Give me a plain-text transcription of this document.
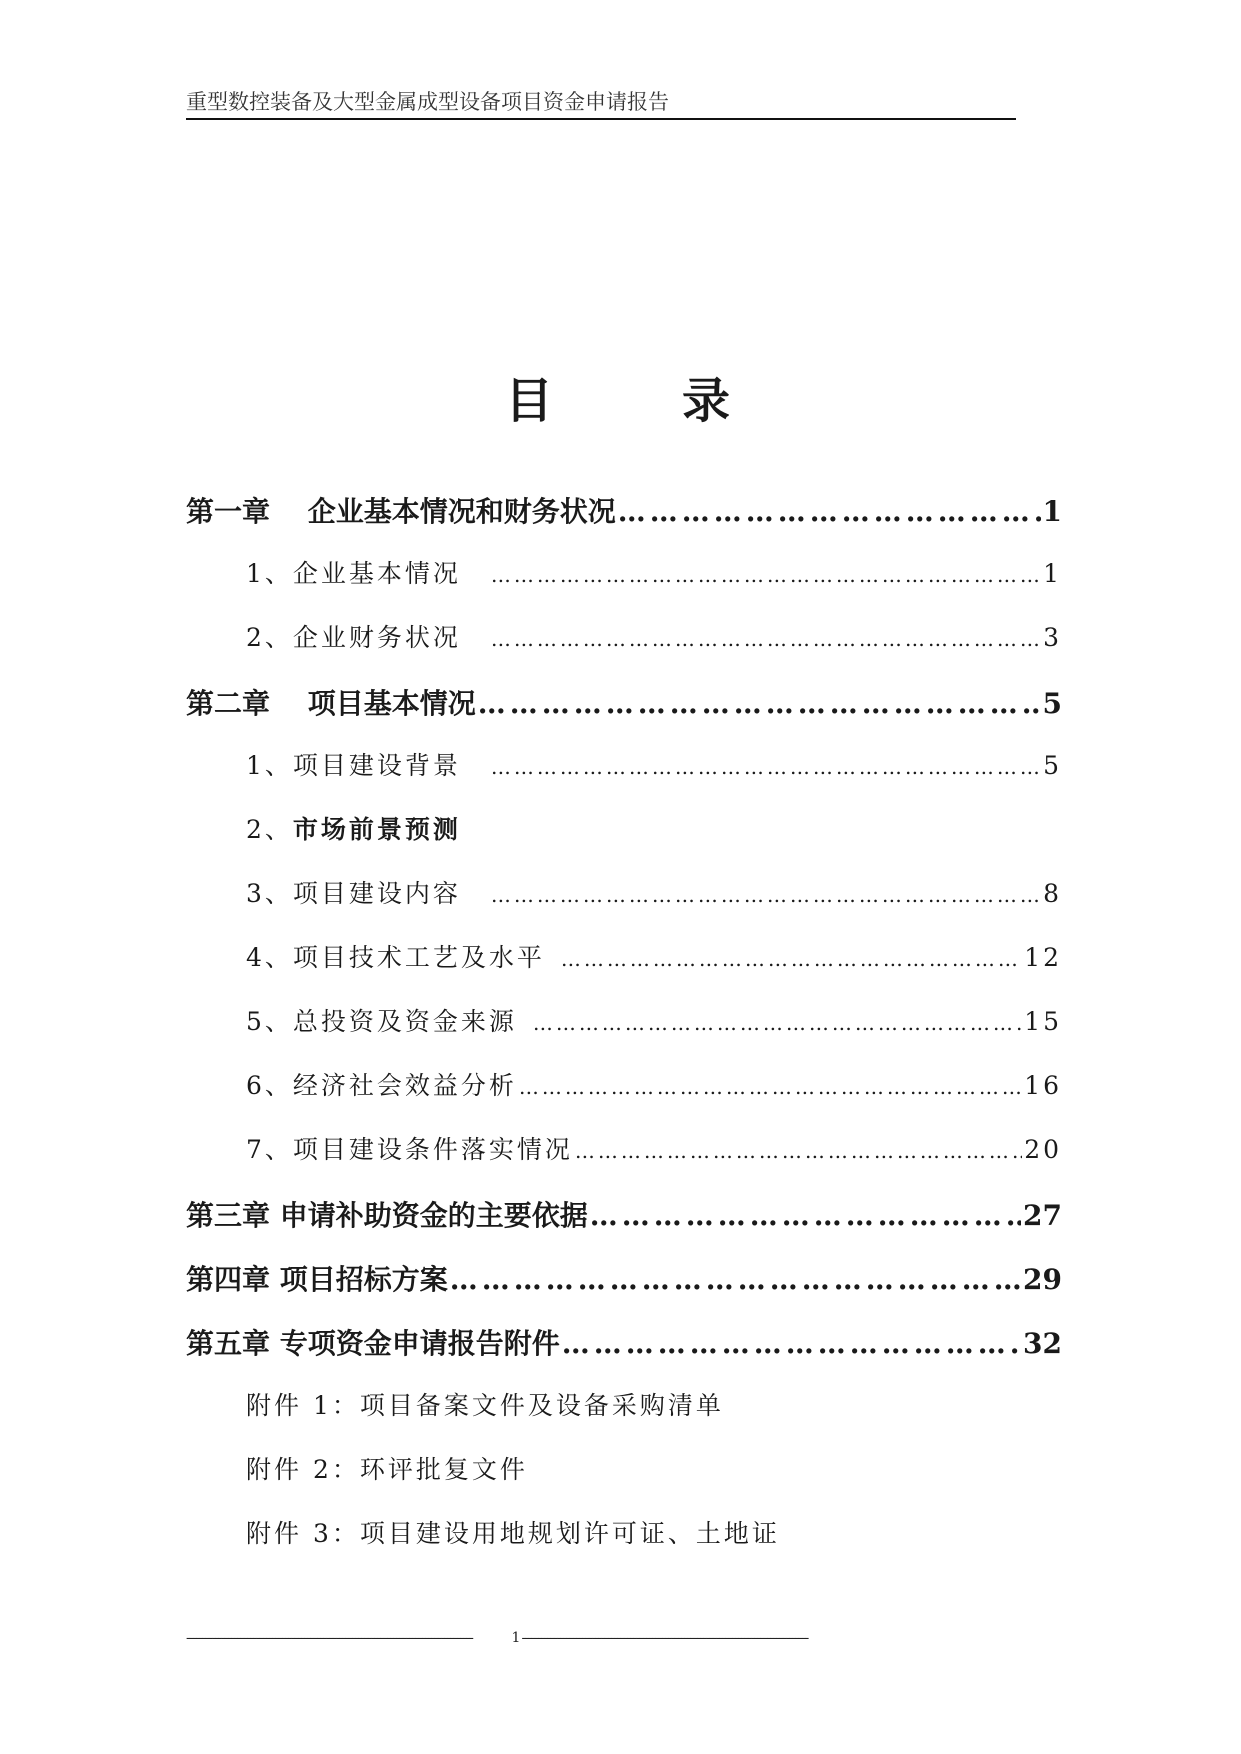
重型数控装备及大型金属成型设备项目资金申请报告
目	录
第一章　 企业基本情况和财务状况 ……………………………………………………………………………………………………………………………………………………………………………	1
1、企业基本情况 ……………………………………………………………………………………………………………………………………………………………………………	1
2、企业财务状况 ……………………………………………………………………………………………………………………………………………………………………………	3
第二章　 项目基本情况 ……………………………………………………………………………………………………………………………………………………………………………	5
1、项目建设背景 ……………………………………………………………………………………………………………………………………………………………………………	5
2、市场前景预测
3、项目建设内容 ……………………………………………………………………………………………………………………………………………………………………………	8
4、项目技术工艺及水平 ……………………………………………………………………………………………………………………………………………………………………………	12
5、总投资及资金来源 ……………………………………………………………………………………………………………………………………………………………………………	15
6、经济社会效益分析 ……………………………………………………………………………………………………………………………………………………………………………	16
7、项目建设条件落实情况 ……………………………………………………………………………………………………………………………………………………………………………	20
第三章 申请补助资金的主要依据 ……………………………………………………………………………………………………………………………………………………………………………	27
第四章 项目招标方案 ……………………………………………………………………………………………………………………………………………………………………………	29
第五章 专项资金申请报告附件 ……………………………………………………………………………………………………………………………………………………………………………	32
附件 1：项目备案文件及设备采购清单
附件 2：环评批复文件
附件 3：项目建设用地规划许可证、土地证
- - -
1
- - -
